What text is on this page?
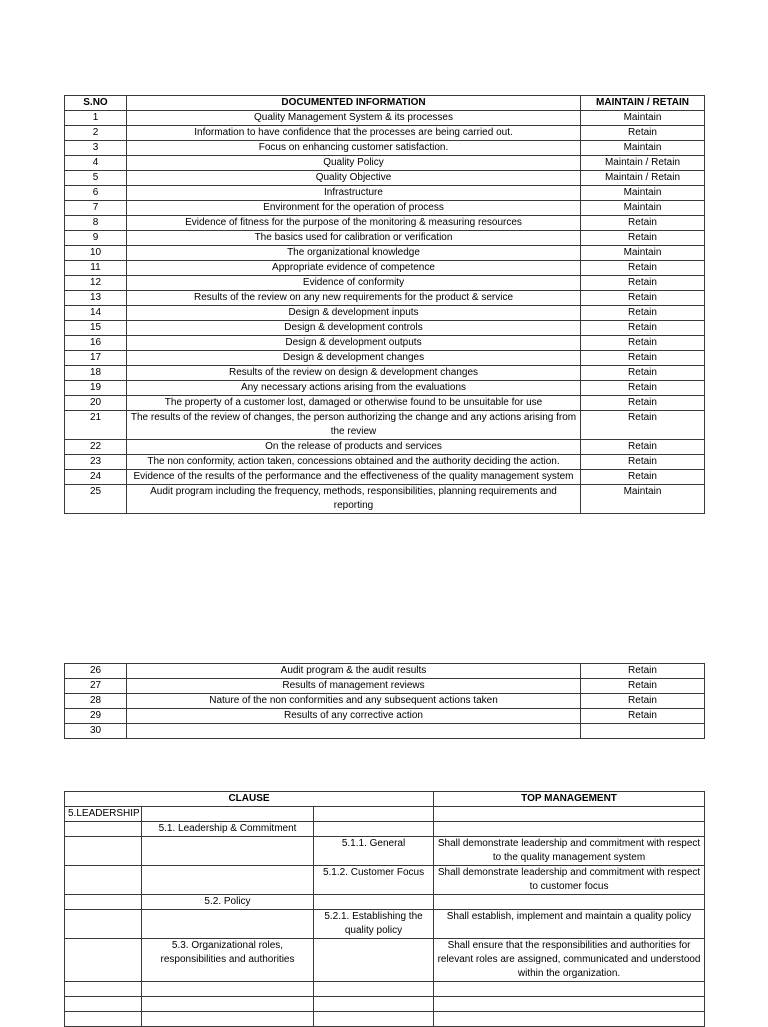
S.NO	DOCUMENTED INFORMATION	MAINTAIN / RETAIN
1	Quality Management System & its processes	Maintain
2	Information to have confidence that the processes are being carried out.	Retain
3	Focus on enhancing customer satisfaction.	Maintain
4	Quality Policy	Maintain / Retain
5	Quality Objective	Maintain / Retain
6	Infrastructure	Maintain
7	Environment for the operation of process	Maintain
8	Evidence of fitness for the purpose of the monitoring & measuring resources	Retain
9	The basics used for calibration or verification	Retain
10	The organizational knowledge	Maintain
11	Appropriate evidence of competence	Retain
12	Evidence of conformity	Retain
13	Results of the review on any new requirements for the product & service	Retain
14	Design & development inputs	Retain
15	Design & development controls	Retain
16	Design & development outputs	Retain
17	Design & development changes	Retain
18	Results of the review on design & development changes	Retain
19	Any necessary actions arising from the evaluations	Retain
20	The property of a customer lost, damaged or otherwise found to be unsuitable for use	Retain
21	The results of the review of changes, the person authorizing the change and any actions arising from the review	Retain
22	On the release of products and services	Retain
23	The non conformity, action taken, concessions obtained and the authority deciding the action.	Retain
24	Evidence of the results of the performance and the effectiveness of the quality management system	Retain
25	Audit program including the frequency, methods, responsibilities, planning requirements and reporting	Maintain
26	Audit program & the audit results	Retain
27	Results of management reviews	Retain
28	Nature of the non conformities and any subsequent actions taken	Retain
29	Results of any corrective action	Retain
30		
CLAUSE			TOP MANAGEMENT
5.LEADERSHIP			
	5.1. Leadership & Commitment		
		5.1.1. General	Shall demonstrate leadership and commitment with respect to the quality management system
		5.1.2. Customer Focus	Shall demonstrate leadership and commitment with respect to customer focus
	5.2. Policy		
		5.2.1. Establishing the quality policy	Shall establish, implement and maintain a quality policy
	5.3. Organizational roles, responsibilities and authorities		Shall ensure that the responsibilities and authorities for relevant roles are assigned, communicated and understood within the organization.
